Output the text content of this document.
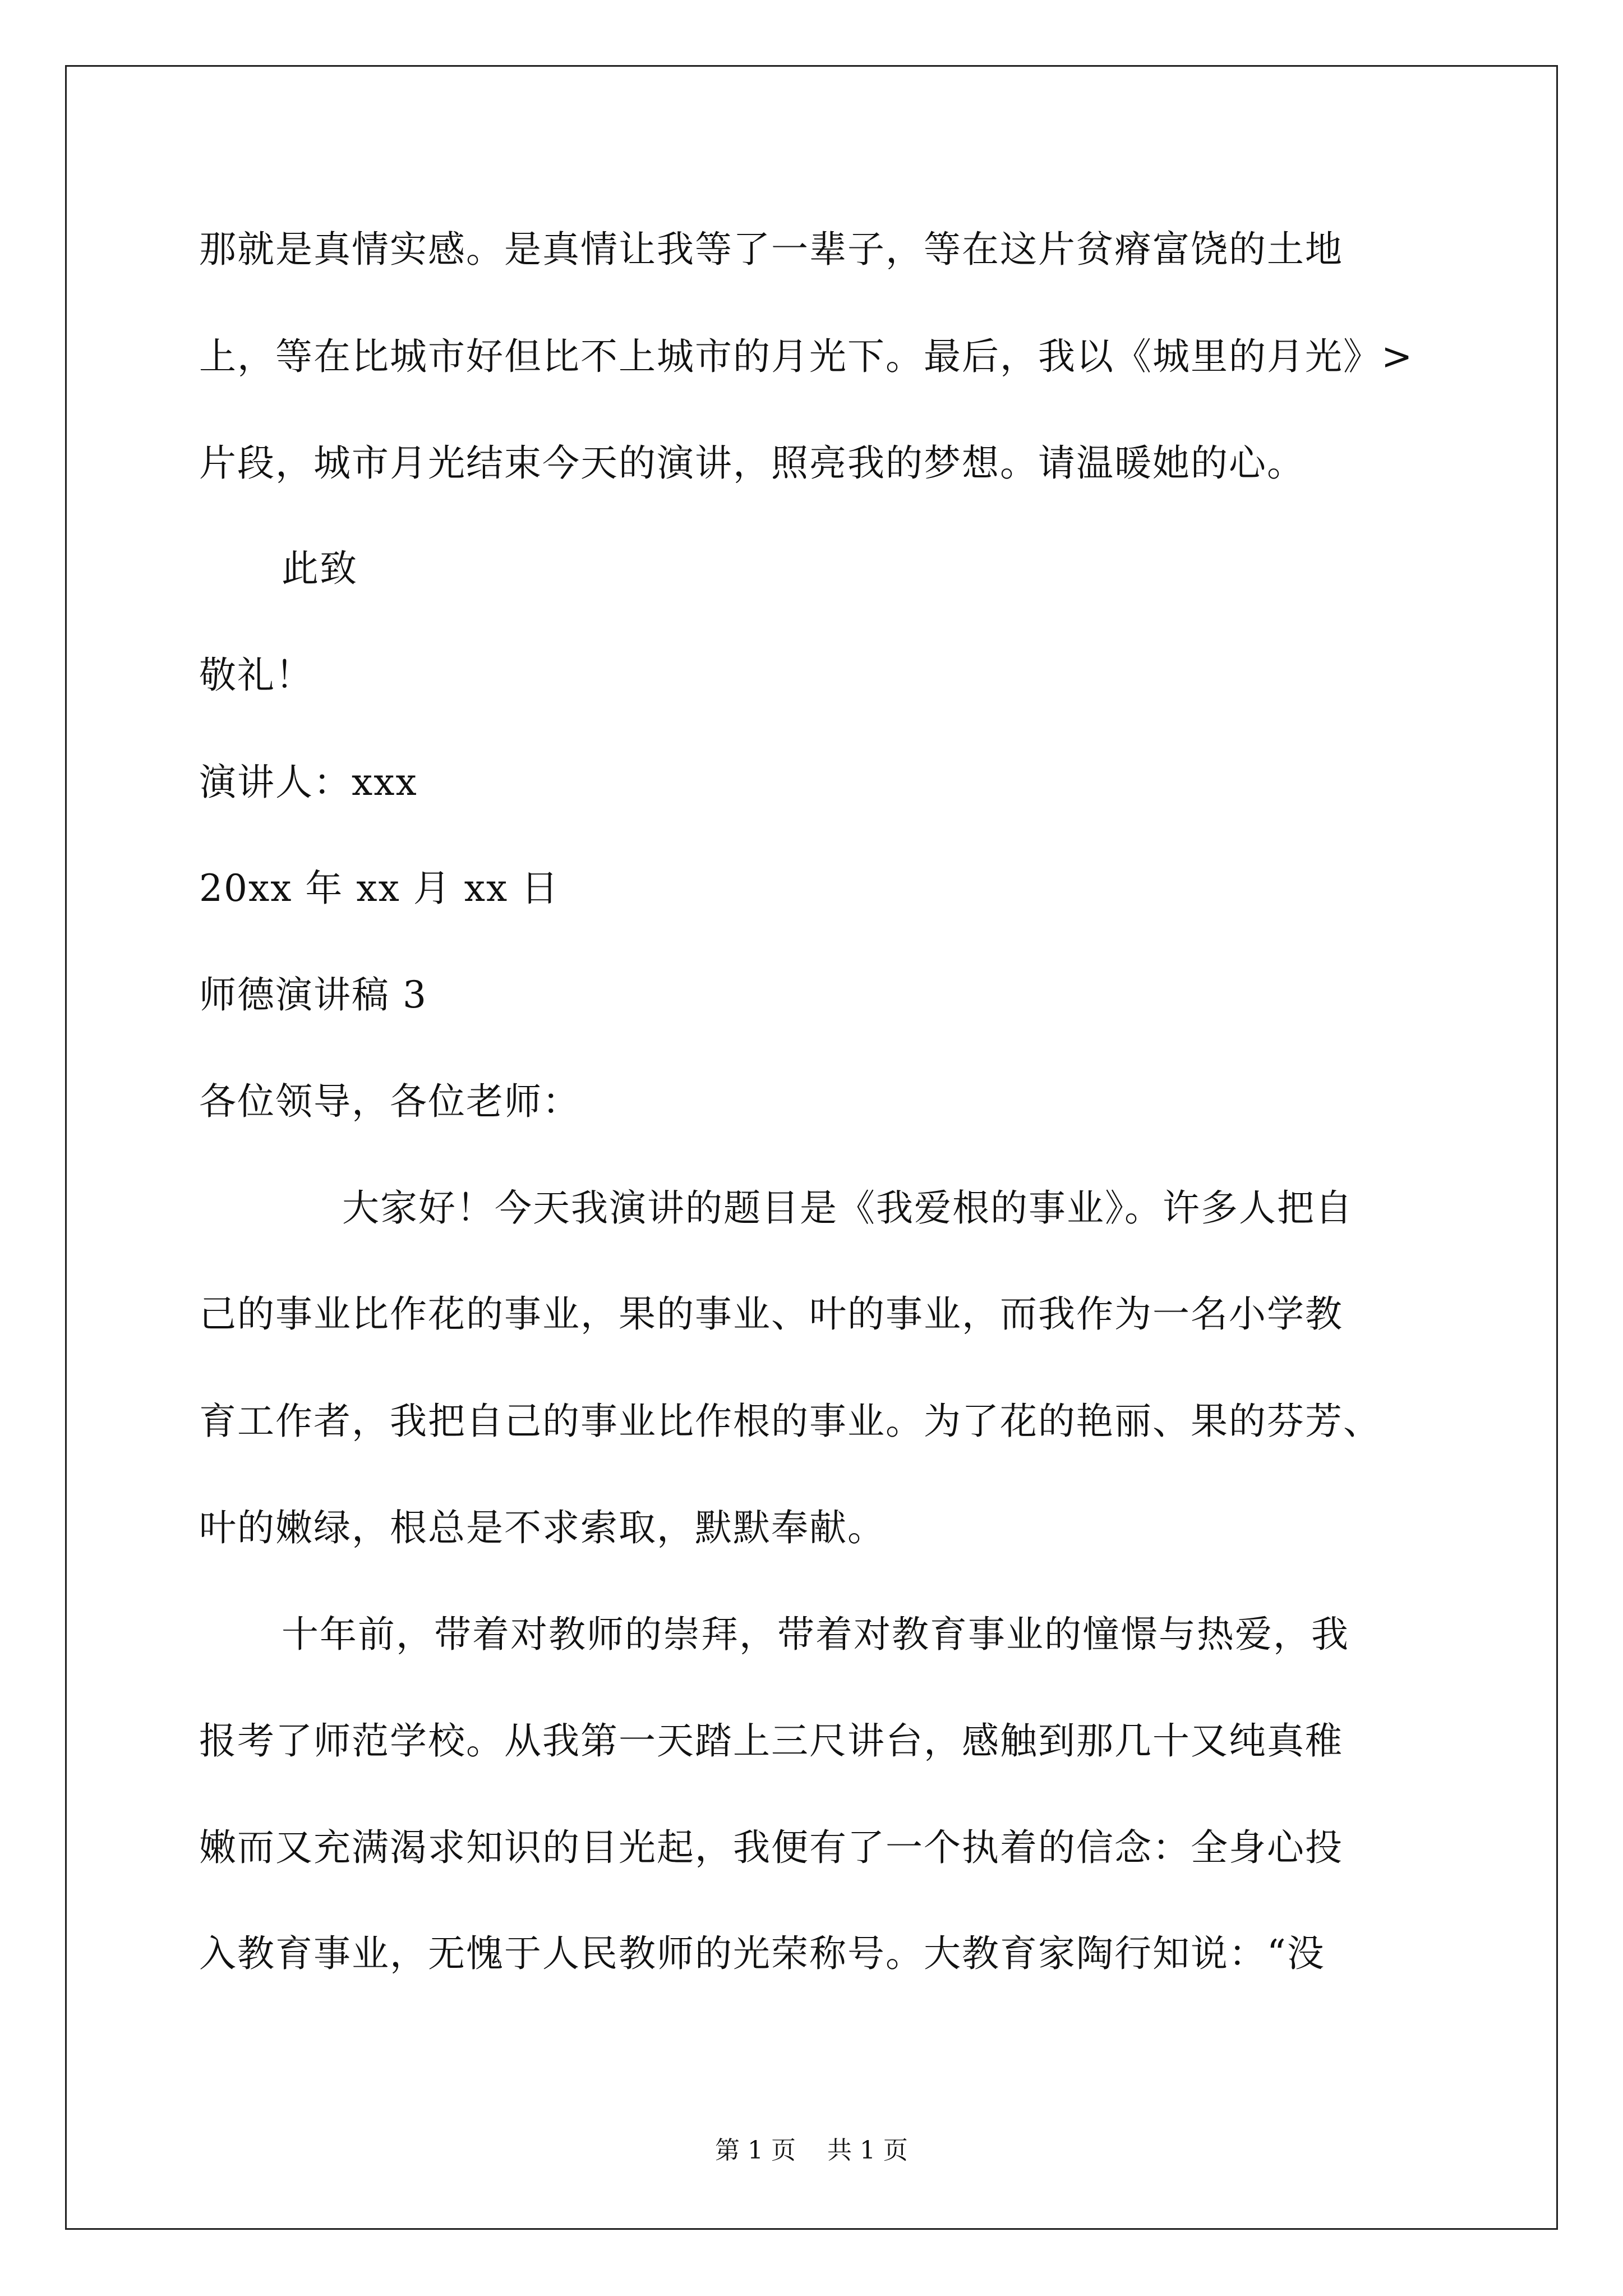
那就是真情实感。是真情让我等了一辈子，等在这片贫瘠富饶的土地
上，等在比城市好但比不上城市的月光下。最后，我以《城里的月光》>
片段，城市月光结束今天的演讲，照亮我的梦想。请温暖她的心。
此致
敬礼！
演讲人：xxx
20xx 年 xx 月 xx 日
师德演讲稿 3
各位领导，各位老师：
大家好！今天我演讲的题目是《我爱根的事业》。许多人把自
己的事业比作花的事业，果的事业、叶的事业，而我作为一名小学教
育工作者，我把自己的事业比作根的事业。为了花的艳丽、果的芬芳、
叶的嫩绿，根总是不求索取，默默奉献。
十年前，带着对教师的崇拜，带着对教育事业的憧憬与热爱，我
报考了师范学校。从我第一天踏上三尺讲台，感触到那几十又纯真稚
嫩而又充满渴求知识的目光起，我便有了一个执着的信念：全身心投
入教育事业，无愧于人民教师的光荣称号。大教育家陶行知说：“没
第 1 页    共 1 页
